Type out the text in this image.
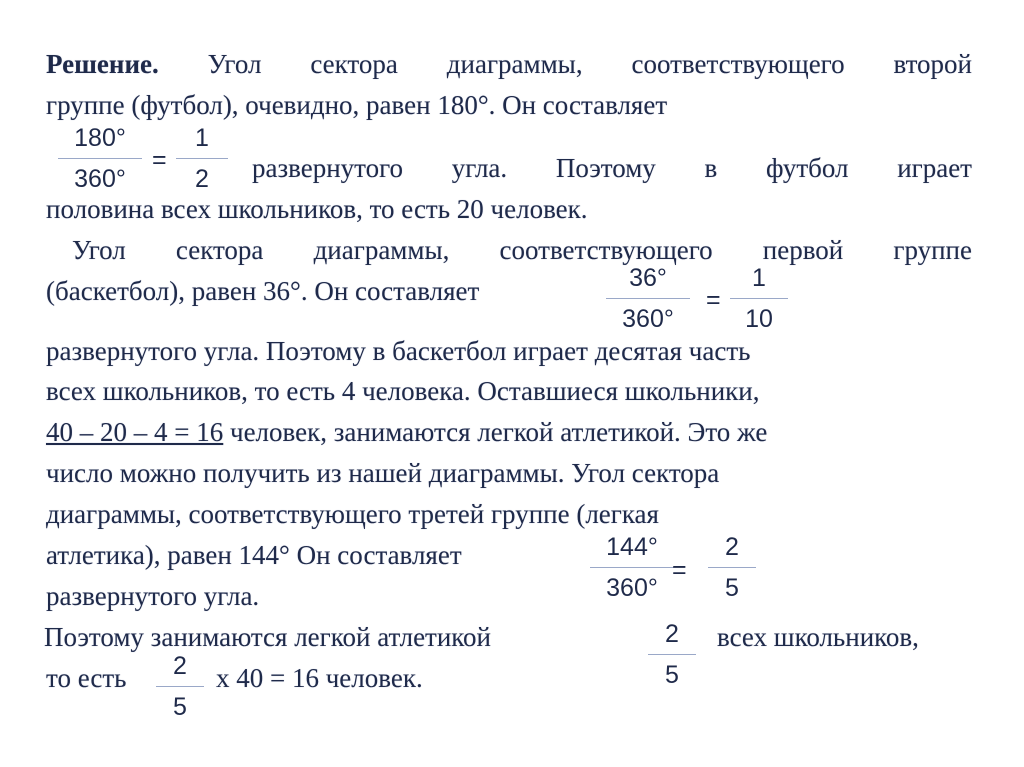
Решение. Угол сектора диаграммы, соответствующего второй
группе (футбол), очевидно, равен 180°. Он составляет
развернутого угла. Поэтому в футбол играет
половина всех школьников, то есть 20 человек.
Угол сектора диаграммы, соответствующего первой группе
(баскетбол), равен 36°. Он составляет
развернутого угла. Поэтому в баскетбол играет десятая часть
всех школьников, то есть 4 человека. Оставшиеся школьники,
40 – 20 – 4 = 16 человек, занимаются легкой атлетикой. Это же
число можно получить из нашей диаграммы. Угол сектора
диаграммы, соответствующего третей группе (легкая
атлетика), равен 144° Он составляет
развернутого угла.
Поэтому занимаются легкой атлетикой	всех школьников,
то есть	х 40 = 16 человек.
180°
360°
=
1
2
36°
360°
=
1
10
144°
360°
=
2
5
2
5
2
5
